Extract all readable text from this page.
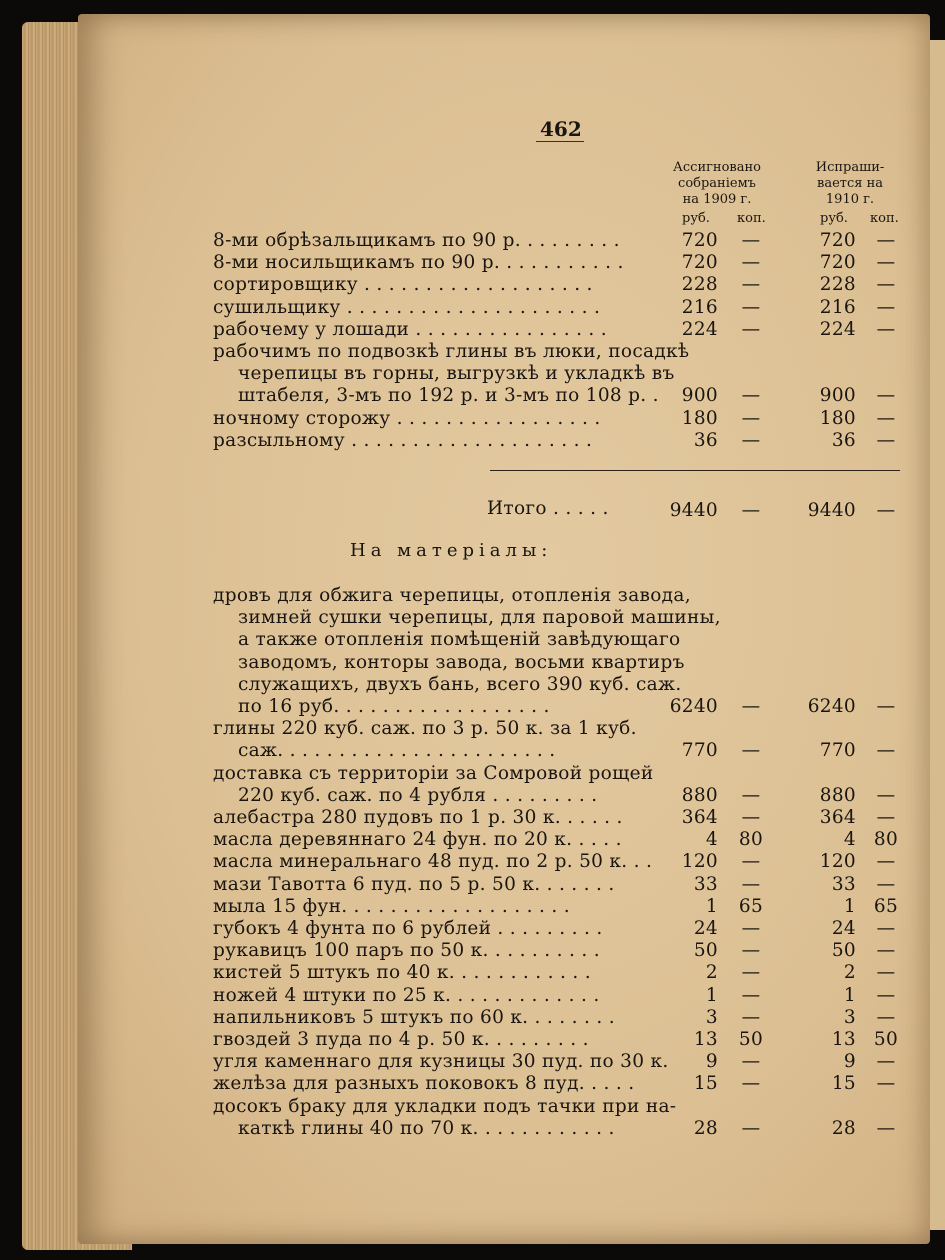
462
Ассигновано
собраніемъ
на 1909 г.
Испраши-
вается на
1910 г.
руб. коп.	руб. коп.
8-ми обрѣзальщикамъ по 90 р. . . . . . . . .	720	—	720	—
8-ми носильщикамъ по 90 р. . . . . . . . . . .	720	—	720	—
сортировщику . . . . . . . . . . . . . . . . . . .	228	—	228	—
сушильщику . . . . . . . . . . . . . . . . . . . . .	216	—	216	—
рабочему у лошади . . . . . . . . . . . . . . . .	224	—	224	—
рабочимъ по подвозкѣ глины въ люки, посадкѣ
черепицы въ горны, выгрузкѣ и укладкѣ въ
штабеля, 3-мъ по 192 р. и 3-мъ по 108 р. .	900	—	900	—
ночному сторожу . . . . . . . . . . . . . . . . .	180	—	180	—
разсыльному . . . . . . . . . . . . . . . . . . . .	36	—	36	—
Итого . . . . .	9440	—	9440	—
На матеріалы:
дровъ для обжига черепицы, отопленія завода,
зимней сушки черепицы, для паровой машины,
а также отопленія помѣщеній завѣдующаго
заводомъ, конторы завода, восьми квартиръ
служащихъ, двухъ бань, всего 390 куб. саж.
по 16 руб. . . . . . . . . . . . . . . . . .	6240	—	6240	—
глины 220 куб. саж. по 3 р. 50 к. за 1 куб.
саж. . . . . . . . . . . . . . . . . . . . . . .	770	—	770	—
доставка съ территоріи за Сомровой рощей
220 куб. саж. по 4 рубля . . . . . . . . .	880	—	880	—
алебастра 280 пудовъ по 1 р. 30 к. . . . . .	364	—	364	—
масла деревяннаго 24 фун. по 20 к. . . . .	4	80	4 80
масла минеральнаго 48 пуд. по 2 р. 50 к. . .	120	—	120	—
мази Тавотта 6 пуд. по 5 р. 50 к. . . . . . .	33	—	33	—
мыла 15 фун. . . . . . . . . . . . . . . . . . .	1	65	1 65
губокъ 4 фунта по 6 рублей . . . . . . . . .	24	—	24	—
рукавицъ 100 паръ по 50 к. . . . . . . . . .	50	—	50	—
кистей 5 штукъ по 40 к. . . . . . . . . . . .	2	—	2	—
ножей 4 штуки по 25 к. . . . . . . . . . . . .	1	—	1	—
напильниковъ 5 штукъ по 60 к. . . . . . . .	3	—	3	—
гвоздей 3 пуда по 4 р. 50 к. . . . . . . . .	13	50	13 50
угля каменнаго для кузницы 30 пуд. по 30 к.	9	—	9	—
желѣза для разныхъ поковокъ 8 пуд. . . . .	15	—	15	—
досокъ браку для укладки подъ тачки при на-
каткѣ глины 40 по 70 к. . . . . . . . . . . .	28	—	28	—
